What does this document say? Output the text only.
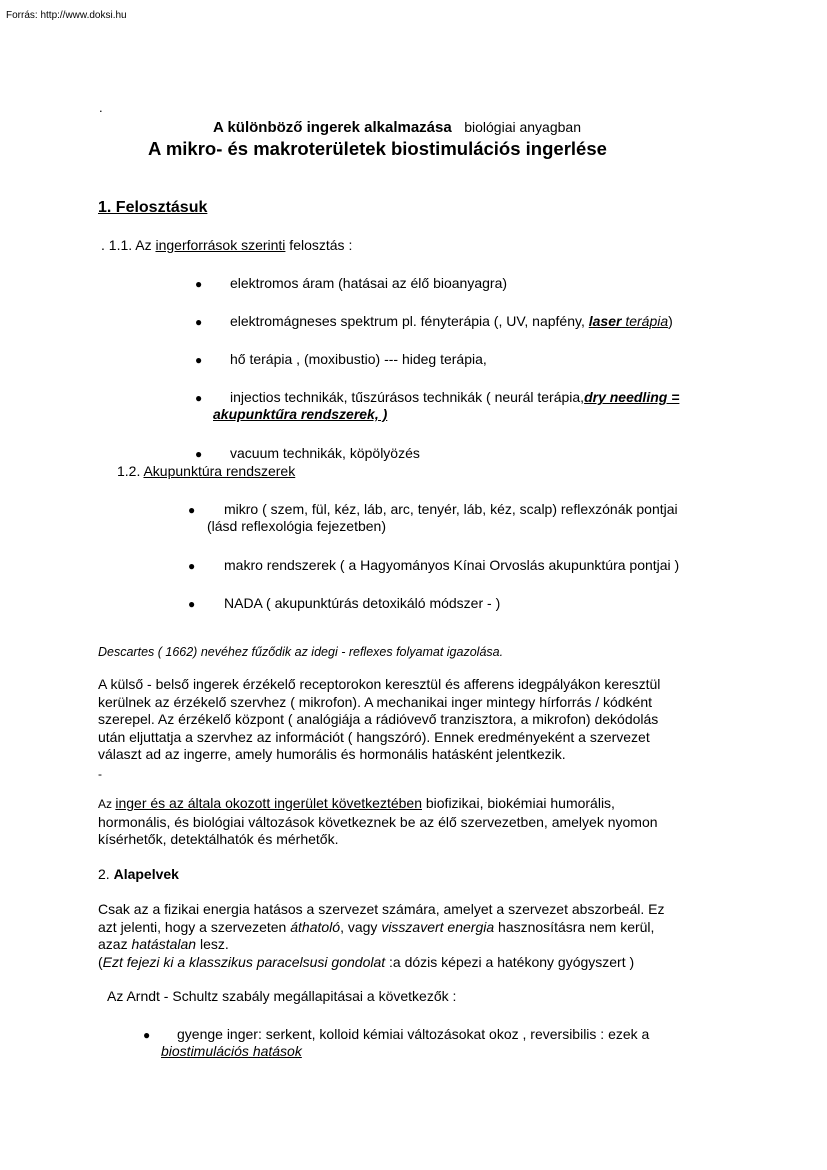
Forrás: http://www.doksi.hu
.
A különböző ingerek alkalmazása biológiai anyagban
A mikro- és makroterületek biostimulációs ingerlése
1. Felosztásuk
. 1.1. Az ingerforrások szerinti felosztás :
● elektromos áram (hatásai az élő bioanyagra)
● elektromágneses spektrum pl. fényterápia (, UV, napfény, laser terápia)
● hő terápia , (moxibustio) --- hideg terápia,
● injectios technikák, tűszúrásos technikák ( neurál terápia,dry needling =
akupunktűra rendszerek, )
● vacuum technikák, köpölyözés
1.2. Akupunktúra rendszerek
● mikro ( szem, fül, kéz, láb, arc, tenyér, láb, kéz, scalp) reflexzónák pontjai
(lásd reflexológia fejezetben)
● makro rendszerek ( a Hagyományos Kínai Orvoslás akupunktúra pontjai )
● NADA ( akupunktúrás detoxikáló módszer - )
Descartes ( 1662) nevéhez fűződik az idegi - reflexes folyamat igazolása.
A külső - belső ingerek érzékelő receptorokon keresztül és afferens idegpályákon keresztül
kerülnek az érzékelő szervhez ( mikrofon). A mechanikai inger mintegy hírforrás / kódként
szerepel. Az érzékelő központ ( analógiája a rádióvevő tranzisztora, a mikrofon) dekódolás
után eljuttatja a szervhez az információt ( hangszóró). Ennek eredményeként a szervezet
választ ad az ingerre, amely humorális és hormonális hatásként jelentkezik.
-
Az inger és az általa okozott ingerület következtében biofizikai, biokémiai humorális,
hormonális, és biológiai változások következnek be az élő szervezetben, amelyek nyomon
kísérhetők, detektálhatók és mérhetők.
2. Alapelvek
Csak az a fizikai energia hatásos a szervezet számára, amelyet a szervezet abszorbeál. Ez
azt jelenti, hogy a szervezeten áthatoló, vagy visszavert energia hasznosításra nem kerül,
azaz hatástalan lesz.
(Ezt fejezi ki a klasszikus paracelsusi gondolat :a dózis képezi a hatékony gyógyszert )
Az Arndt - Schultz szabály megállapitásai a következők :
● gyenge inger: serkent, kolloid kémiai változásokat okoz , reversibilis : ezek a
biostimulációs hatások
